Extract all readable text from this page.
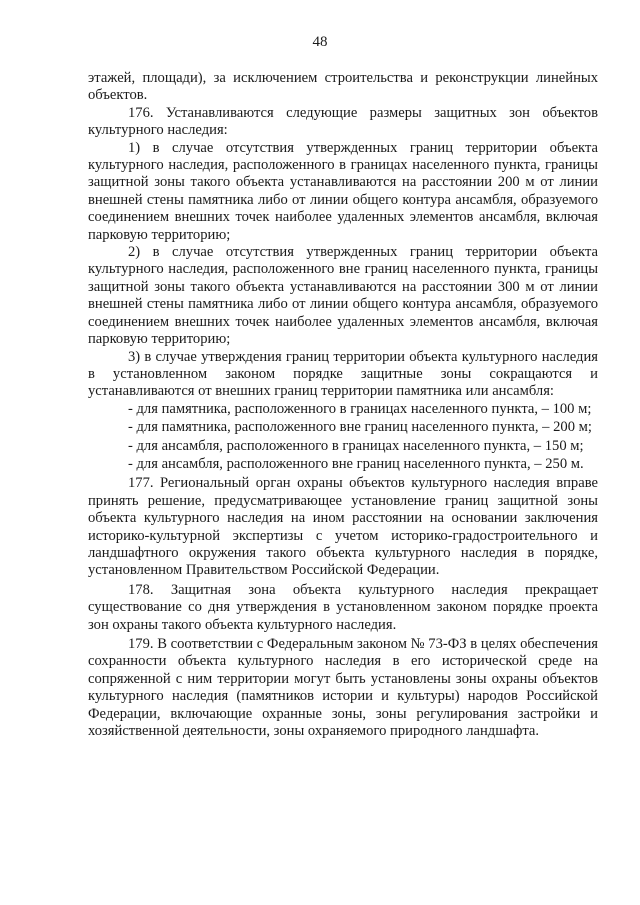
48

этажей, площади), за исключением строительства и реконструкции линейных объектов.

176. Устанавливаются следующие размеры защитных зон объектов культурного наследия:

1) в случае отсутствия утвержденных границ территории объекта культурного наследия, расположенного в границах населенного пункта, границы защитной зоны такого объекта устанавливаются на расстоянии 200 м от линии внешней стены памятника либо от линии общего контура ансамбля, образуемого соединением внешних точек наиболее удаленных элементов ансамбля, включая парковую территорию;

2) в случае отсутствия утвержденных границ территории объекта культурного наследия, расположенного вне границ населенного пункта, границы защитной зоны такого объекта устанавливаются на расстоянии 300 м от линии внешней стены памятника либо от линии общего контура ансамбля, образуемого соединением внешних точек наиболее удаленных элементов ансамбля, включая парковую территорию;

3) в случае утверждения границ территории объекта культурного наследия в установленном законом порядке защитные зоны сокращаются и устанавливаются от внешних границ территории памятника или ансамбля:

- для памятника, расположенного в границах населенного пункта, – 100 м;

- для памятника, расположенного вне границ населенного пункта, – 200 м;

- для ансамбля, расположенного в границах населенного пункта, – 150 м;

- для ансамбля, расположенного вне границ населенного пункта, – 250 м.

177. Региональный орган охраны объектов культурного наследия вправе принять решение, предусматривающее установление границ защитной зоны объекта культурного наследия на ином расстоянии на основании заключения историко-культурной экспертизы с учетом историко-градостроительного и ландшафтного окружения такого объекта культурного наследия в порядке, установленном Правительством Российской Федерации.

178. Защитная зона объекта культурного наследия прекращает существование со дня утверждения в установленном законом порядке проекта зон охраны такого объекта культурного наследия.

179. В соответствии с Федеральным законом № 73-ФЗ в целях обеспечения сохранности объекта культурного наследия в его исторической среде на сопряженной с ним территории могут быть установлены зоны охраны объектов культурного наследия (памятников истории и культуры) народов Российской Федерации, включающие охранные зоны, зоны регулирования застройки и хозяйственной деятельности, зоны охраняемого природного ландшафта.
